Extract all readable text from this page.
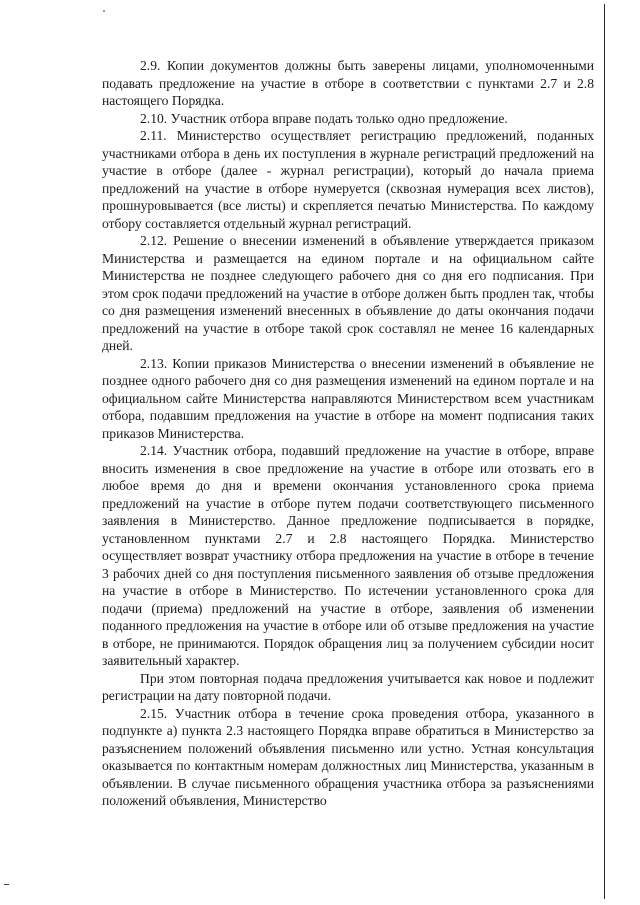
2.9. Копии документов должны быть заверены лицами, уполномоченными подавать предложение на участие в отборе в соответствии с пунктами 2.7 и 2.8 настоящего Порядка.

2.10. Участник отбора вправе подать только одно предложение.

2.11. Министерство осуществляет регистрацию предложений, поданных участниками отбора в день их поступления в журнале регистраций предложений на участие в отборе (далее - журнал регистрации), который до начала приема предложений на участие в отборе нумеруется (сквозная нумерация всех листов), прошнуровывается (все листы) и скрепляется печатью Министерства. По каждому отбору составляется отдельный журнал регистраций.

2.12. Решение о внесении изменений в объявление утверждается приказом Министерства и размещается на едином портале и на официальном сайте Министерства не позднее следующего рабочего дня со дня его подписания. При этом срок подачи предложений на участие в отборе должен быть продлен так, чтобы со дня размещения изменений внесенных в объявление до даты окончания подачи предложений на участие в отборе такой срок составлял не менее 16 календарных дней.

2.13. Копии приказов Министерства о внесении изменений в объявление не позднее одного рабочего дня со дня размещения изменений на едином портале и на официальном сайте Министерства направляются Министерством всем участникам отбора, подавшим предложения на участие в отборе на момент подписания таких приказов Министерства.

2.14. Участник отбора, подавший предложение на участие в отборе, вправе вносить изменения в свое предложение на участие в отборе или отозвать его в любое время до дня и времени окончания установленного срока приема предложений на участие в отборе путем подачи соответствующего письменного заявления в Министерство. Данное предложение подписывается в порядке, установленном пунктами 2.7 и 2.8 настоящего Порядка. Министерство осуществляет возврат участнику отбора предложения на участие в отборе в течение 3 рабочих дней со дня поступления письменного заявления об отзыве предложения на участие в отборе в Министерство. По истечении установленного срока для подачи (приема) предложений на участие в отборе, заявления об изменении поданного предложения на участие в отборе или об отзыве предложения на участие в отборе, не принимаются. Порядок обращения лиц за получением субсидии носит заявительный характер.

При этом повторная подача предложения учитывается как новое и подлежит регистрации на дату повторной подачи.

2.15. Участник отбора в течение срока проведения отбора, указанного в подпункте а) пункта 2.3 настоящего Порядка вправе обратиться в Министерство за разъяснением положений объявления письменно или устно. Устная консультация оказывается по контактным номерам должностных лиц Министерства, указанным в объявлении. В случае письменного обращения участника отбора за разъяснениями положений объявления, Министерство
